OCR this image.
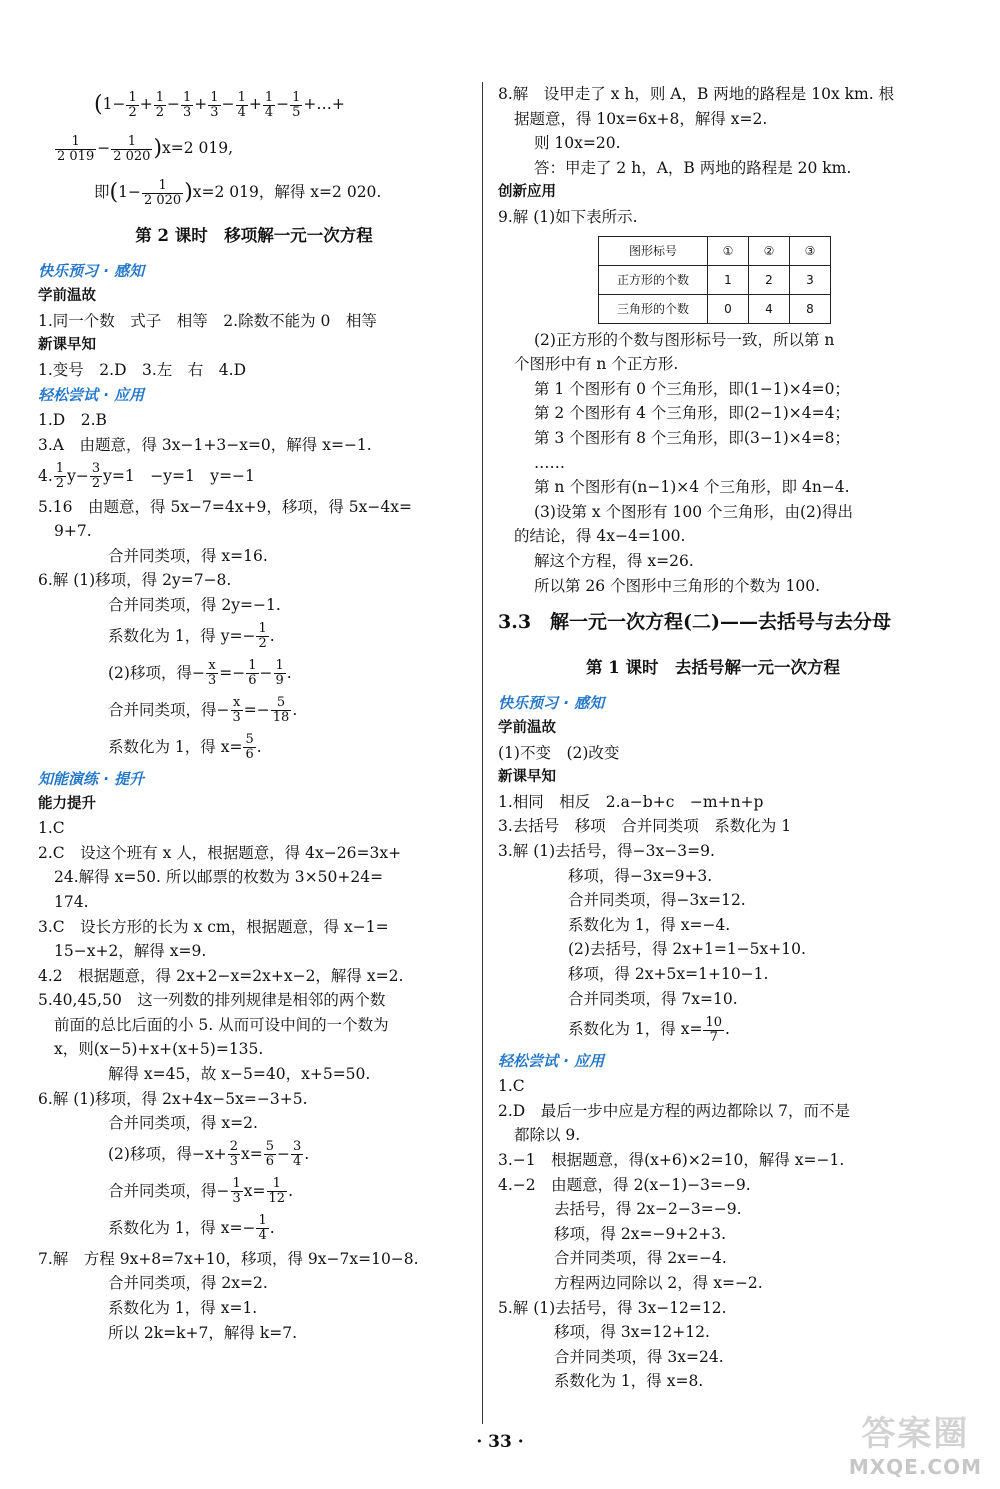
($1- \frac{1}{2} + \frac{1}{2} - \frac{1}{3} + \frac{1}{3} - \frac{1}{4} + \frac{1}{4} - \frac{1}{5}$ +…+
$\frac{1}{2 019} - \frac{1}{2 020} )x=2$ 019,
即$(1- \frac{1}{2 020} )x=2$ 019，解得 x=2 020.
第 2 课时　移项解一元一次方程
快乐预习 · 感知
学前温故
1.同一个数　式子　相等　2.除数不能为 0　相等
新课早知
1.变号　2.D　3.左　右　4.D
轻松尝试 · 应用
1.D　2.B
3.A　由题意，得 3x−1+3−x=0，解得 x=−1.
4. $\frac{1}{2} y- \frac{3}{2} y=1$　−y=1　y=−1
5.16　由题意，得 5x−7=4x+9，移项，得 5x−4x=
9+7.
合并同类项，得 x=16.
6.解 (1)移项，得 2y=7−8.
合并同类项，得 2y=−1.
系数化为 1，得 $y=- \frac{1}{2}$ .
(2)移项，得− $\frac{x}{3} =- \frac{1}{6} - \frac{1}{9}$ .
合并同类项，得− $\frac{x}{3} =- \frac{5}{18}$ .
系数化为 1，得 $x= \frac{5}{6}$ .
知能演练 · 提升
能力提升
1.C
2.C　设这个班有 x 人，根据题意，得 4x−26=3x+
24.解得 x=50. 所以邮票的枚数为 3×50+24=
174.
3.C　设长方形的长为 x cm，根据题意，得 x−1=
15−x+2，解得 x=9.
4.2　根据题意，得 2x+2−x=2x+x−2，解得 x=2.
5.40,45,50　这一列数的排列规律是相邻的两个数
前面的总比后面的小 5. 从而可设中间的一个数为
x，则(x−5)+x+(x+5)=135.
解得 x=45，故 x−5=40，x+5=50.
6.解 (1)移项，得 2x+4x−5x=−3+5.
合并同类项，得 x=2.
(2)移项，得$-x+ \frac{2}{3} x= \frac{5}{6} - \frac{3}{4}$ .
合并同类项，得− $\frac{1}{3} x= \frac{1}{12}$ .
系数化为 1，得 $x=- \frac{1}{4}$ .
7.解　方程 9x+8=7x+10，移项，得 9x−7x=10−8.
合并同类项，得 2x=2.
系数化为 1，得 x=1.
所以 2k=k+7，解得 k=7.
8.解　设甲走了 x h，则 A，B 两地的路程是 10x km. 根
据题意，得 10x=6x+8，解得 x=2.
则 10x=20.
答：甲走了 2 h，A，B 两地的路程是 20 km.
创新应用
9.解 (1)如下表所示.
图形标号	①	②	③
正方形的个数	1	2	3
三角形的个数	0	4	8
(2)正方形的个数与图形标号一致，所以第 n
个图形中有 n 个正方形.
第 1 个图形有 0 个三角形，即(1−1)×4=0；
第 2 个图形有 4 个三角形，即(2−1)×4=4；
第 3 个图形有 8 个三角形，即(3−1)×4=8；
……
第 n 个图形有(n−1)×4 个三角形，即 4n−4.
(3)设第 x 个图形有 100 个三角形，由(2)得出
的结论，得 4x−4=100.
解这个方程，得 x=26.
所以第 26 个图形中三角形的个数为 100.
3.3　解一元一次方程(二)——去括号与去分母
第 1 课时　去括号解一元一次方程
快乐预习 · 感知
学前温故
(1)不变　(2)改变
新课早知
1.相同　相反　2.a−b+c　−m+n+p
3.去括号　移项　合并同类项　系数化为 1
3.解 (1)去括号，得−3x−3=9.
移项，得−3x=9+3.
合并同类项，得−3x=12.
系数化为 1，得 x=−4.
(2)去括号，得 2x+1=1−5x+10.
移项，得 2x+5x=1+10−1.
合并同类项，得 7x=10.
系数化为 1，得 $x= \frac{10}{7}$ .
轻松尝试 · 应用
1.C
2.D　最后一步中应是方程的两边都除以 7，而不是
都除以 9.
3.−1　根据题意，得(x+6)×2=10，解得 x=−1.
4.−2　由题意，得 2(x−1)−3=−9.
去括号，得 2x−2−3=−9.
移项，得 2x=−9+2+3.
合并同类项，得 2x=−4.
方程两边同除以 2，得 x=−2.
5.解 (1)去括号，得 3x−12=12.
移项，得 3x=12+12.
合并同类项，得 3x=24.
系数化为 1，得 x=8.
· 33 ·	答案圈
MXQE.COM
